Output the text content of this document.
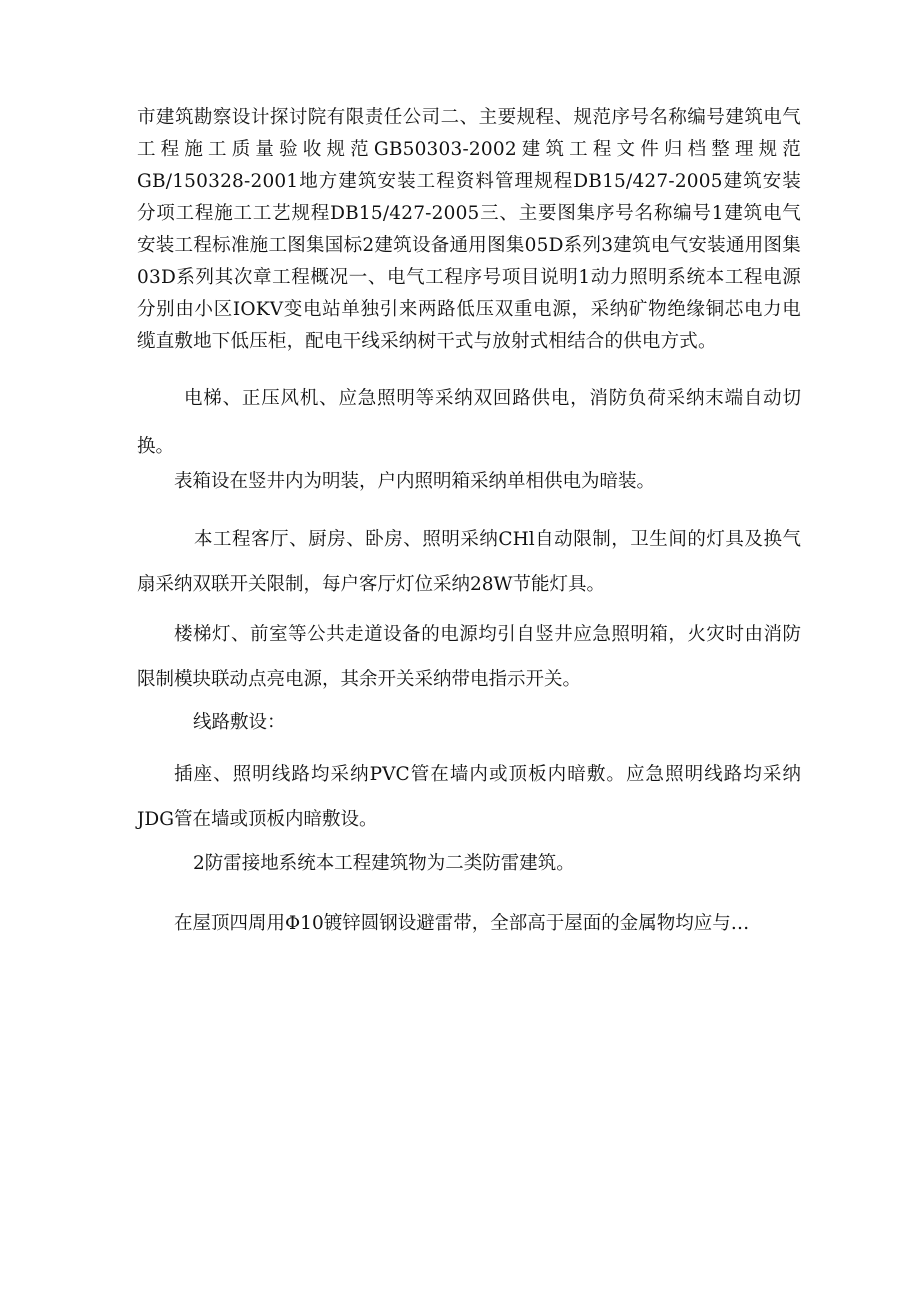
市建筑勘察设计探讨院有限责任公司二、主要规程、规范序号名称编号建筑电气工程施工质量验收规范GB50303-2002建筑工程文件归档整理规范GB/150328-2001地方建筑安装工程资料管理规程DB15/427-2005建筑安装分项工程施工工艺规程DB15/427-2005三、主要图集序号名称编号1建筑电气安装工程标准施工图集国标2建筑设备通用图集05D系列3建筑电气安装通用图集03D系列其次章工程概况一、电气工程序号项目说明1动力照明系统本工程电源分别由小区IOKV变电站单独引来两路低压双重电源，采纳矿物绝缘铜芯电力电缆直敷地下低压柜，配电干线采纳树干式与放射式相结合的供电方式。

电梯、正压风机、应急照明等采纳双回路供电，消防负荷采纳末端自动切换。

表箱设在竖井内为明装，户内照明箱采纳单相供电为暗装。

本工程客厅、厨房、卧房、照明采纳CHl自动限制，卫生间的灯具及换气扇采纳双联开关限制，每户客厅灯位采纳28W节能灯具。

楼梯灯、前室等公共走道设备的电源均引自竖井应急照明箱，火灾时由消防限制模块联动点亮电源，其余开关采纳带电指示开关。

线路敷设：

插座、照明线路均采纳PVC管在墙内或顶板内暗敷。应急照明线路均采纳JDG管在墙或顶板内暗敷设。

2防雷接地系统本工程建筑物为二类防雷建筑。

在屋顶四周用Φ10镀锌圆钢设避雷带，全部高于屋面的金属物均应与…
